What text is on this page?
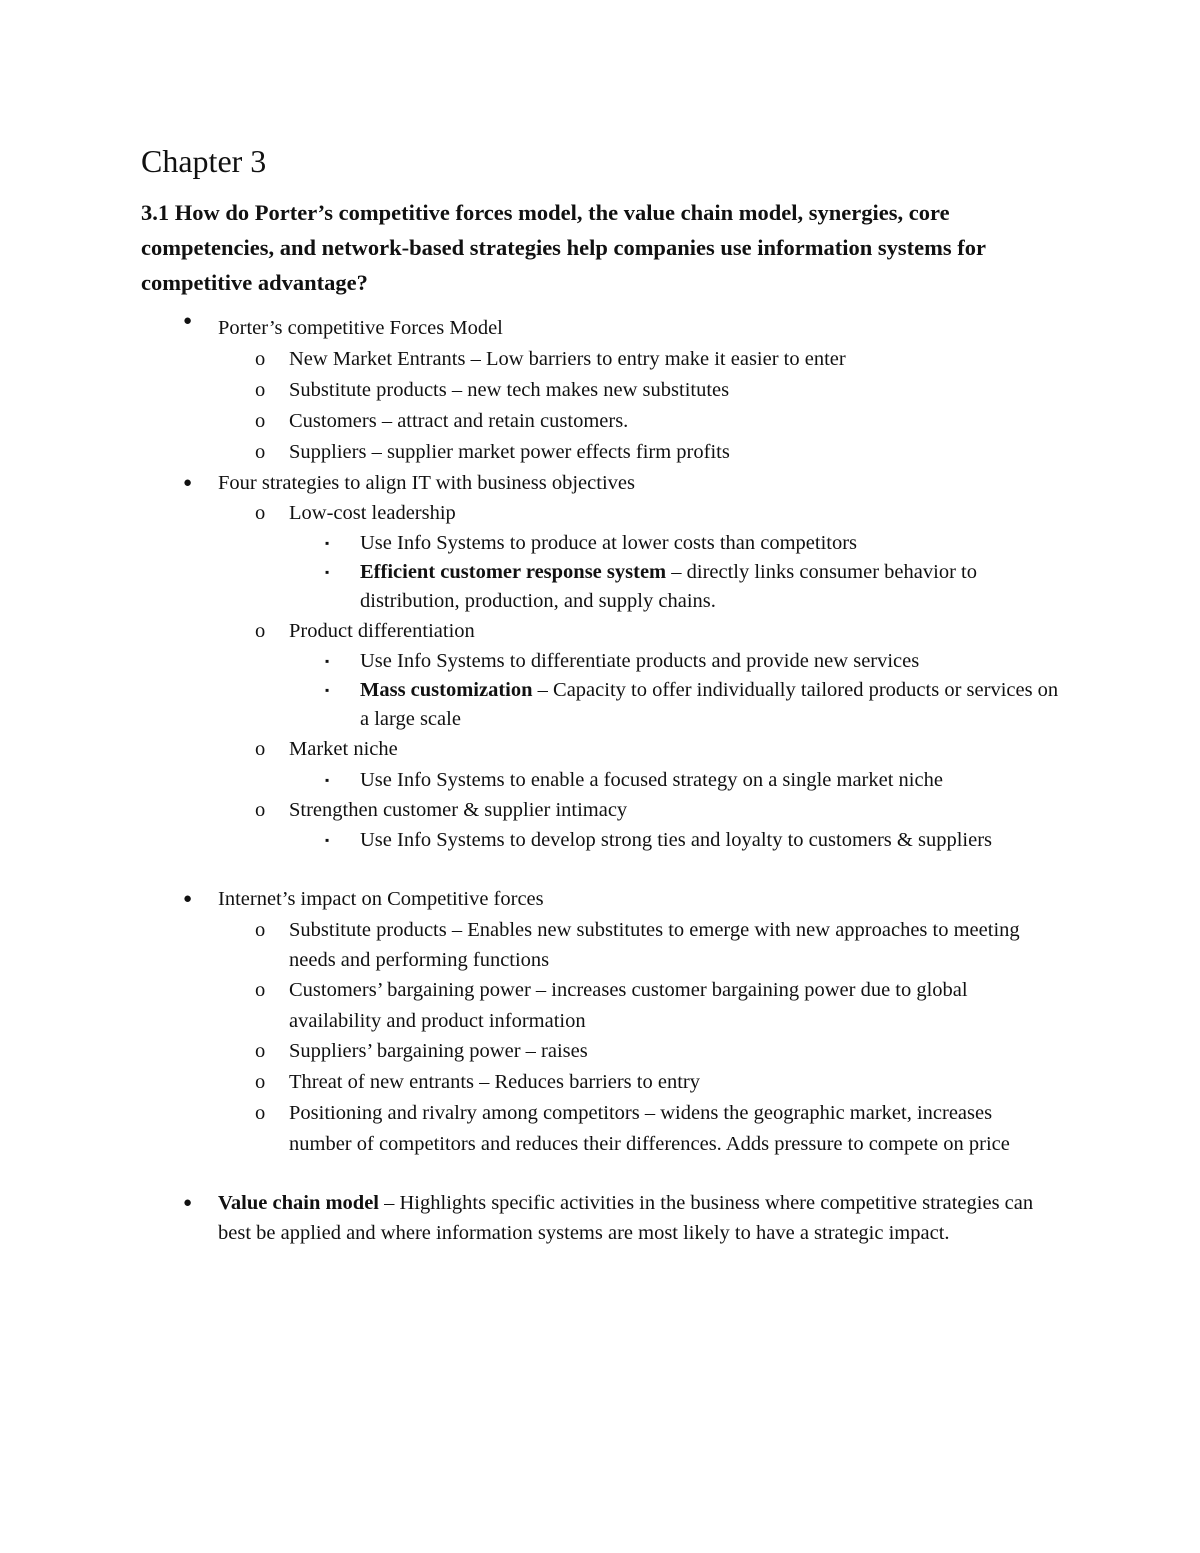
Chapter 3

3.1 How do Porter’s competitive forces model, the value chain model, synergies, core competencies, and network-based strategies help companies use information systems for competitive advantage?

● Porter’s competitive Forces Model
o New Market Entrants – Low barriers to entry make it easier to enter
o Substitute products – new tech makes new substitutes
o Customers – attract and retain customers.
o Suppliers – supplier market power effects firm profits
● Four strategies to align IT with business objectives
o Low-cost leadership
▪ Use Info Systems to produce at lower costs than competitors
▪ Efficient customer response system – directly links consumer behavior to distribution, production, and supply chains.
o Product differentiation
▪ Use Info Systems to differentiate products and provide new services
▪ Mass customization – Capacity to offer individually tailored products or services on a large scale
o Market niche
▪ Use Info Systems to enable a focused strategy on a single market niche
o Strengthen customer & supplier intimacy
▪ Use Info Systems to develop strong ties and loyalty to customers & suppliers
● Internet’s impact on Competitive forces
o Substitute products – Enables new substitutes to emerge with new approaches to meeting needs and performing functions
o Customers’ bargaining power – increases customer bargaining power due to global availability and product information
o Suppliers’ bargaining power – raises
o Threat of new entrants – Reduces barriers to entry
o Positioning and rivalry among competitors – widens the geographic market, increases number of competitors and reduces their differences. Adds pressure to compete on price
● Value chain model – Highlights specific activities in the business where competitive strategies can best be applied and where information systems are most likely to have a strategic impact.
